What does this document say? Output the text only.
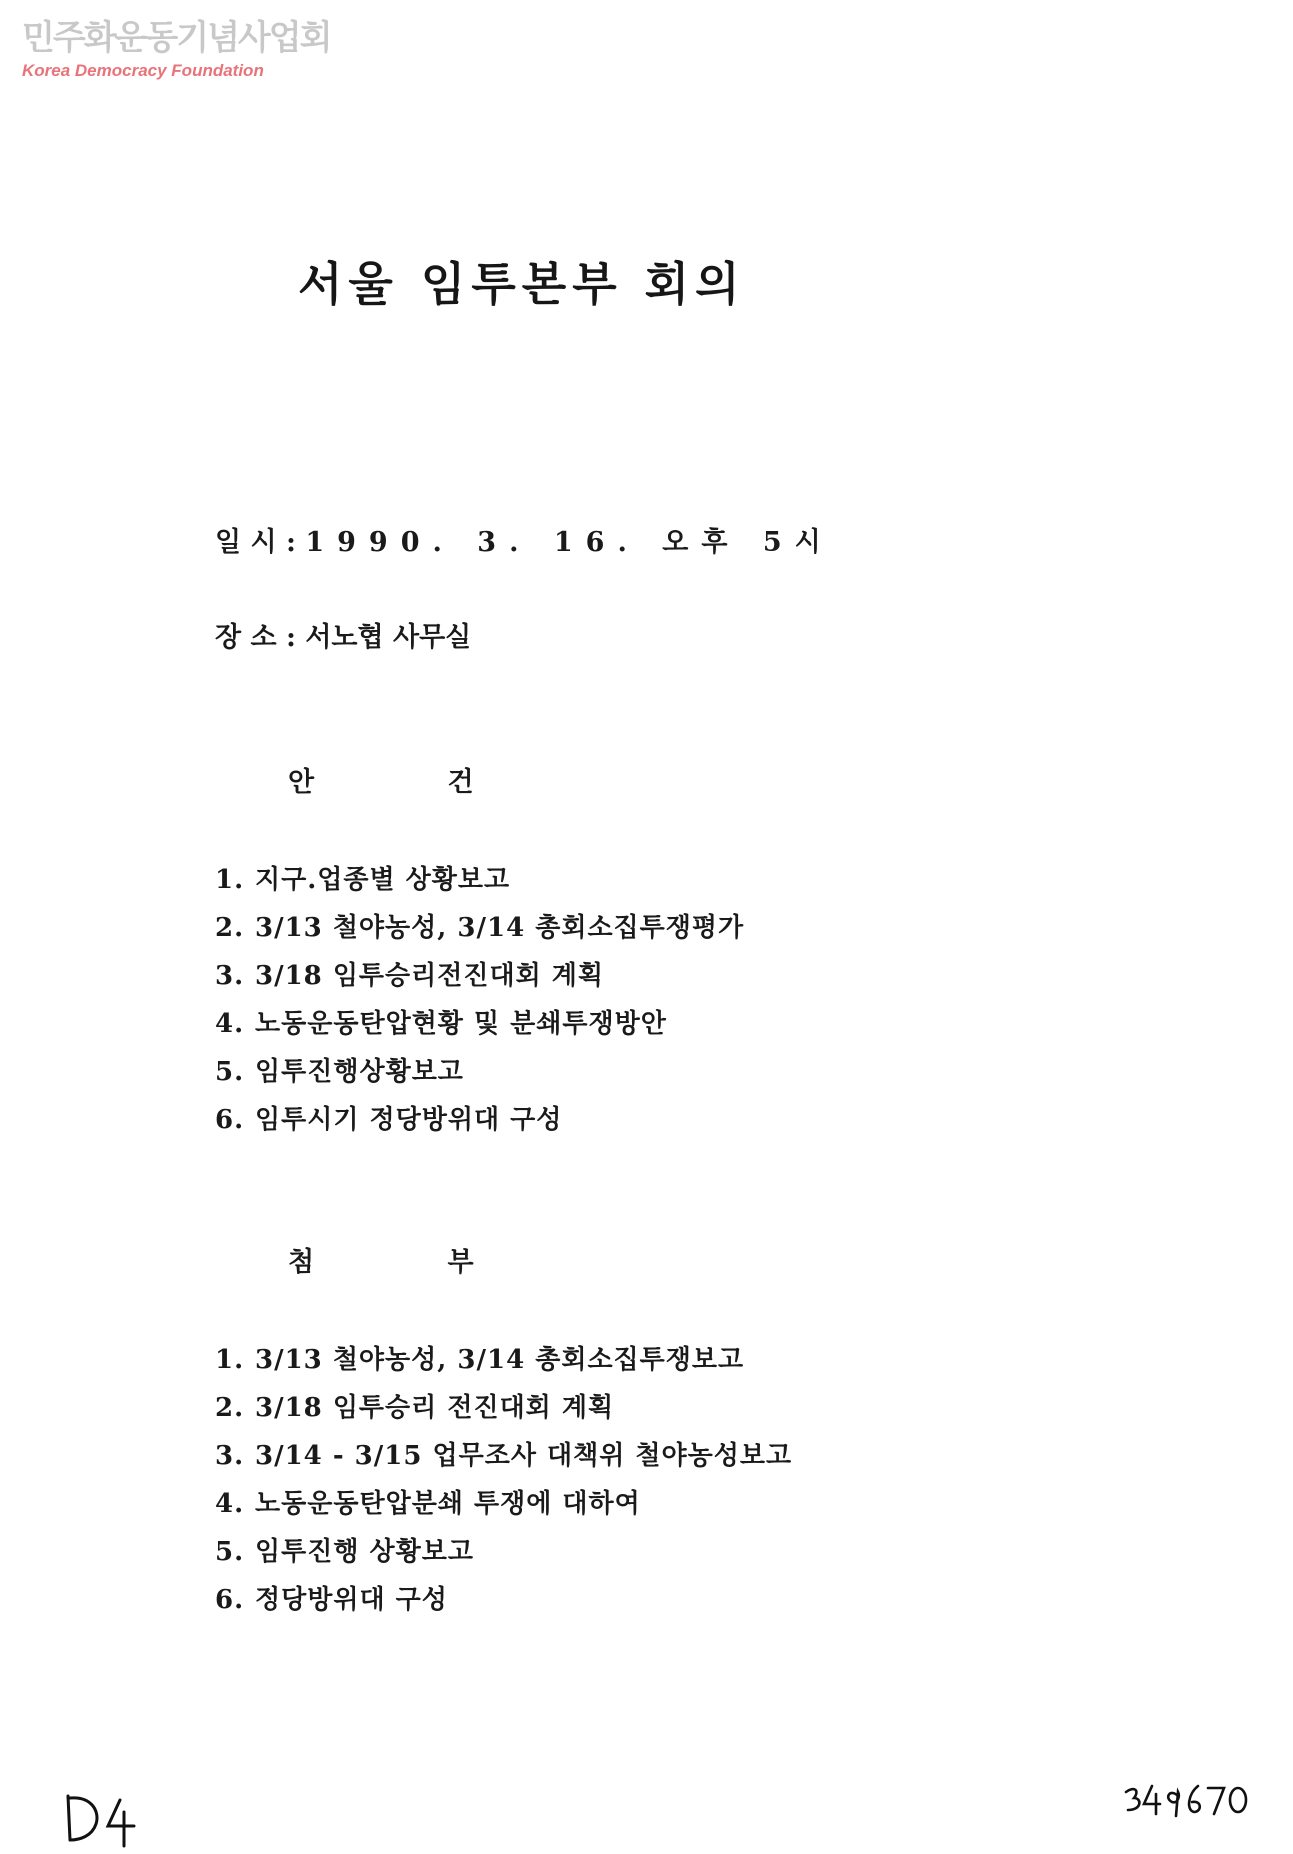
민주화운동기념사업회
Korea Democracy Foundation
서울 임투본부 회의
일 시 : 1990. 3. 16. 오후 5시
장 소 : 서노협 사무실
안 건
1. 지구.업종별 상황보고
2. 3/13 철야농성, 3/14 총회소집투쟁평가
3. 3/18 임투승리전진대회 계획
4. 노동운동탄압현황 및 분쇄투쟁방안
5. 임투진행상황보고
6. 임투시기 정당방위대 구성
첨 부
1. 3/13 철야농성, 3/14 총회소집투쟁보고
2. 3/18 임투승리 전진대회 계획
3. 3/14 - 3/15 업무조사 대책위 철야농성보고
4. 노동운동탄압분쇄 투쟁에 대하여
5. 임투진행 상황보고
6. 정당방위대 구성
